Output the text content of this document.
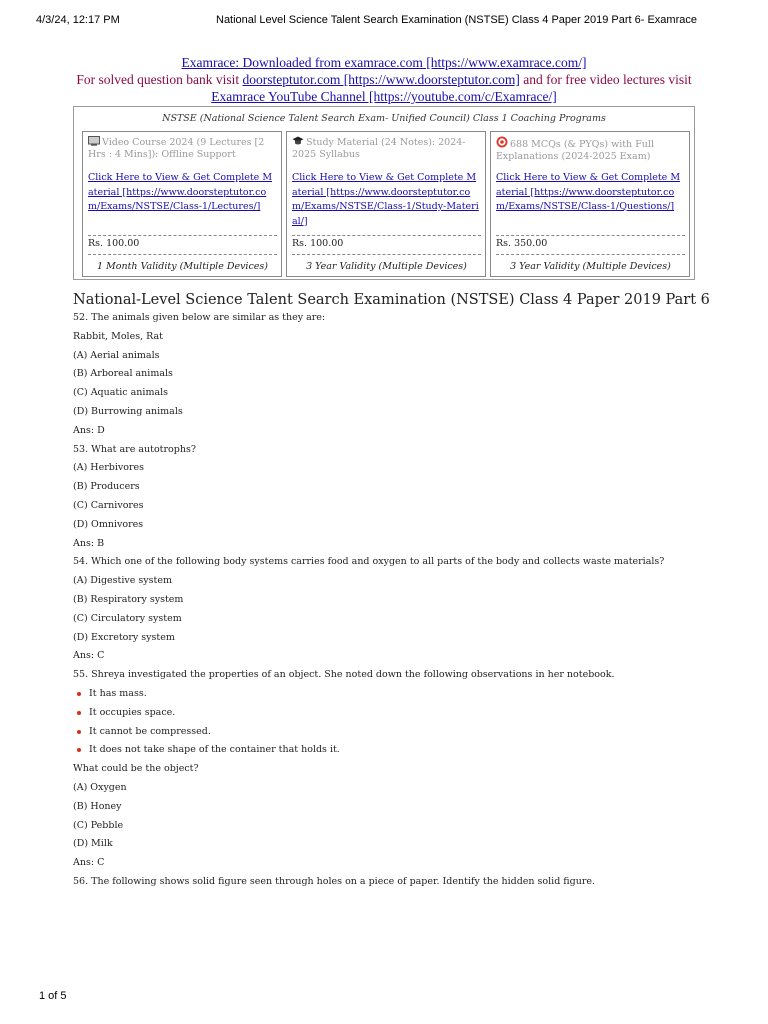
4/3/24, 12:17 PM	National Level Science Talent Search Examination (NSTSE) Class 4 Paper 2019 Part 6- Examrace
Examrace: Downloaded from examrace.com [https://www.examrace.com/]
For solved question bank visit doorsteptutor.com [https://www.doorsteptutor.com] and for free video lectures visit
Examrace YouTube Channel [https://youtube.com/c/Examrace/]
NSTSE (National Science Talent Search Exam- Unified Council) Class 1 Coaching Programs
Video Course 2024 (9 Lectures [2 Hrs : 4 Mins]): Offline Support
Click Here to View & Get Complete Material [https://www.doorsteptutor.com/Exams/NSTSE/Class-1/Lectures/]
Rs. 100.00
1 Month Validity (Multiple Devices)
Study Material (24 Notes): 2024-2025 Syllabus
Click Here to View & Get Complete Material [https://www.doorsteptutor.com/Exams/NSTSE/Class-1/Study-Material/]
Rs. 100.00
3 Year Validity (Multiple Devices)
688 MCQs (& PYQs) with Full Explanations (2024-2025 Exam)
Click Here to View & Get Complete Material [https://www.doorsteptutor.com/Exams/NSTSE/Class-1/Questions/]
Rs. 350.00
3 Year Validity (Multiple Devices)
National-Level Science Talent Search Examination (NSTSE) Class 4 Paper 2019 Part 6
52. The animals given below are similar as they are:
Rabbit, Moles, Rat
(A) Aerial animals
(B) Arboreal animals
(C) Aquatic animals
(D) Burrowing animals
Ans: D
53. What are autotrophs?
(A) Herbivores
(B) Producers
(C) Carnivores
(D) Omnivores
Ans: B
54. Which one of the following body systems carries food and oxygen to all parts of the body and collects waste materials?
(A) Digestive system
(B) Respiratory system
(C) Circulatory system
(D) Excretory system
Ans: C
55. Shreya investigated the properties of an object. She noted down the following observations in her notebook.
It has mass.
It occupies space.
It cannot be compressed.
It does not take shape of the container that holds it.
What could be the object?
(A) Oxygen
(B) Honey
(C) Pebble
(D) Milk
Ans: C
56. The following shows solid figure seen through holes on a piece of paper. Identify the hidden solid figure.
1 of 5
